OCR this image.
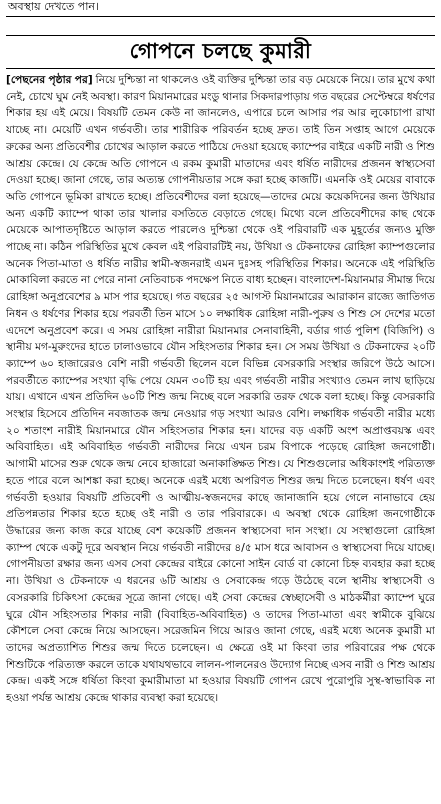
অবস্থায় দেখতে পান।
গোপনে চলছে কুমারী
[পেছনের পৃষ্ঠার পর] নিয়ে দুশ্চিন্তা না থাকলেও ওই ব্যক্তির দুশ্চিন্তা তার বড় মেয়েকে নিয়ে। তার মুখে কথা নেই, চোখে ঘুম নেই অবস্থা। কারণ মিয়ানমারের মংডু থানার সিকদারপাড়ায় গত বছরের সেপ্টেম্বরে ধর্ষণের শিকার হয় এই মেয়ে। বিষয়টি তেমন কেউ না জানলেও, এপারে চলে আসার পর আর লুকোচাপা রাখা যাচ্ছে না। মেয়েটি এখন গর্ভবতী। তার শারীরিক পরিবর্তন হচ্ছে দ্রুত। তাই তিন সপ্তাহ আগে মেয়েকে রুকের অন্য প্রতিবেশীর চোখের আড়াল করতে পাঠিয়ে দেওয়া হয়েছে ক্যাম্পের বাইরে একটি নারী ও শিশু আশ্রয় কেন্দ্রে। যে কেন্দ্রে অতি গোপনে এ রকম কুমারী মাতাদের এবং ধর্ষিত নারীদের প্রজনন স্বাস্থ্যসেবা দেওয়া হচ্ছে। জানা গেছে, তার অত্যন্ত গোপনীয়তার সঙ্গে করা হচ্ছে কাজটি। এমনকি ওই মেয়ের বাবাকে অতি গোপনে ভূমিকা রাখতে হচ্ছে। প্রতিবেশীদের বলা হয়েছে—তাদের মেয়ে কয়েকদিনের জন্য উখিয়ার অন্য একটি ক্যাম্পে থাকা তার খালার বসতিতে বেড়াতে গেছে। মিথ্যে বলে প্রতিবেশীদের কাছ থেকে মেয়েকে আপাতদৃষ্টিতে আড়াল করতে পারলেও দুশ্চিন্তা থেকে ওই পরিবারটি এক মুহূর্তের জন্যও মুক্তি পাচ্ছে না। কঠিন পরিস্থিতির মুখে কেবল এই পরিবারটিই নয়, উখিয়া ও টেকনাফের রোহিঙ্গা ক্যাম্পগুলোর অনেক পিতা-মাতা ও ধর্ষিত নারীর স্বামী-স্বজনরাই এমন দুঃসহ পরিস্থিতির শিকার। অনেকে এই পরিস্থিতি মোকাবিলা করতে না পেরে নানা নেতিবাচক পদক্ষেপ নিতে বাধ্য হচ্ছেন। বাংলাদেশ-মিয়ানমার সীমান্ত দিয়ে রোহিঙ্গা অনুপ্রবেশের ৯ মাস পার হয়েছে। গত বছরের ২৫ আগস্ট মিয়ানমারের আরাকান রাজ্যে জাতিগত নিধন ও ধর্ষণের শিকার হয়ে পরবর্তী তিন মাসে ১০ লক্ষাধিক রোহিঙ্গা নারী-পুরুষ ও শিশু সে দেশের মতো এদেশে অনুপ্রবেশ করে। এ সময় রোহিঙ্গা নারীরা মিয়ানমার সেনাবাহিনী, বর্ডার গার্ড পুলিশ (বিজিপি) ও স্থানীয় মগ-মুরুংদের হাতে ঢালাওভাবে যৌন সহিংসতার শিকার হন। সে সময় উখিয়া ও টেকনাফের ২০টি ক্যাম্পে ৬০ হাজারেরও বেশি নারী গর্ভবতী ছিলেন বলে বিভিন্ন বেসরকারি সংস্থার জরিপে উঠে আসে। পরবর্তীতে ক্যাম্পের সংখ্যা বৃদ্ধি পেয়ে যেমন ৩০টি হয় এবং গর্ভবতী নারীর সংখ্যাও তেমন লাখ ছাড়িয়ে যায়। এখানে এখন প্রতিদিন ৬০টি শিশু জন্ম নিচ্ছে বলে সরকারি তরফ থেকে বলা হচ্ছে। কিন্তু বেসরকারি সংস্থার হিসেবে প্রতিদিন নবজাতক জন্ম নেওয়ার গড় সংখ্যা আরও বেশি। লক্ষাধিক গর্ভবতী নারীর মধ্যে ২০ শতাংশ নারীই মিয়ানমারে যৌন সহিংসতার শিকার হন। যাদের বড় একটি অংশ অপ্রাপ্তবয়স্ক এবং অবিবাহিত। এই অবিবাহিত গর্ভবতী নারীদের নিয়ে এখন চরম বিপাকে পড়েছে রোহিঙ্গা জনগোষ্ঠী। আগামী মাসের শুরু থেকে জন্ম নেবে হাজারো অনাকাঙ্ক্ষিত শিশু। যে শিশুগুলোর অধিকাংশই পরিত্যক্ত হতে পারে বলে আশঙ্কা করা হচ্ছে। অনেকে এরই মধ্যে অপরিণত শিশুর জন্ম দিতে চলেছেন। ধর্ষণ এবং গর্ভবতী হওয়ার বিষয়টি প্রতিবেশী ও আত্মীয়-স্বজনদের কাছে জানাজানি হয়ে গেলে নানাভাবে হেয় প্রতিপন্নতার শিকার হতে হচ্ছে ওই নারী ও তার পরিবারকে। এ অবস্থা থেকে রোহিঙ্গা জনগোষ্ঠীকে উদ্ধারের জন্য কাজ করে যাচ্ছে বেশ কয়েকটি প্রজনন স্বাস্থ্যসেবা দান সংস্থা। যে সংস্থাগুলো রোহিঙ্গা ক্যাম্প থেকে একটু দূরে অবস্থান নিয়ে গর্ভবতী নারীদের ৪/৫ মাস ধরে আবাসন ও স্বাস্থ্যসেবা দিয়ে যাচ্ছে। গোপনীয়তা রক্ষার জন্য এসব সেবা কেন্দ্রের বাইরে কোনো সাইন বোর্ড বা কোনো চিহ্ন ব্যবহার করা হচ্ছে না। উখিয়া ও টেকনাফে এ ধরনের ৬টি আশ্রয় ও সেবাকেন্দ্র গড়ে উঠেছে বলে স্থানীয় স্বাস্থ্যসেবী ও বেসরকারি চিকিৎসা কেন্দ্রের সূত্রে জানা গেছে। এই সেবা কেন্দ্রের স্বেচ্ছাসেবী ও মাঠকর্মীরা ক্যাম্পে ঘুরে ঘুরে যৌন সহিংসতার শিকার নারী (বিবাহিত-অবিবাহিত) ও তাদের পিতা-মাতা এবং স্বামীকে বুঝিয়ে কৌশলে সেবা কেন্দ্রে নিয়ে আসছেন। সরেজমিন গিয়ে আরও জানা গেছে, এরই মধ্যে অনেক কুমারী মা তাদের অপ্রত্যাশিত শিশুর জন্ম দিতে চলেছেন। এ ক্ষেত্রে ওই মা কিংবা তার পরিবারের পক্ষ থেকে শিশুটিকে পরিত্যক্ত করলে তাকে যথাযথভাবে লালন-পালনেরও উদ্যোগ নিচ্ছে এসব নারী ও শিশু আশ্রয় কেন্দ্র। একই সঙ্গে ধর্ষিতা কিংবা কুমারীমাতা মা হওয়ার বিষয়টি গোপন রেখে পুরোপুরি সুস্থ-স্বাভাবিক না হওয়া পর্যন্ত আশ্রয় কেন্দ্রে থাকার ব্যবস্থা করা হয়েছে।
